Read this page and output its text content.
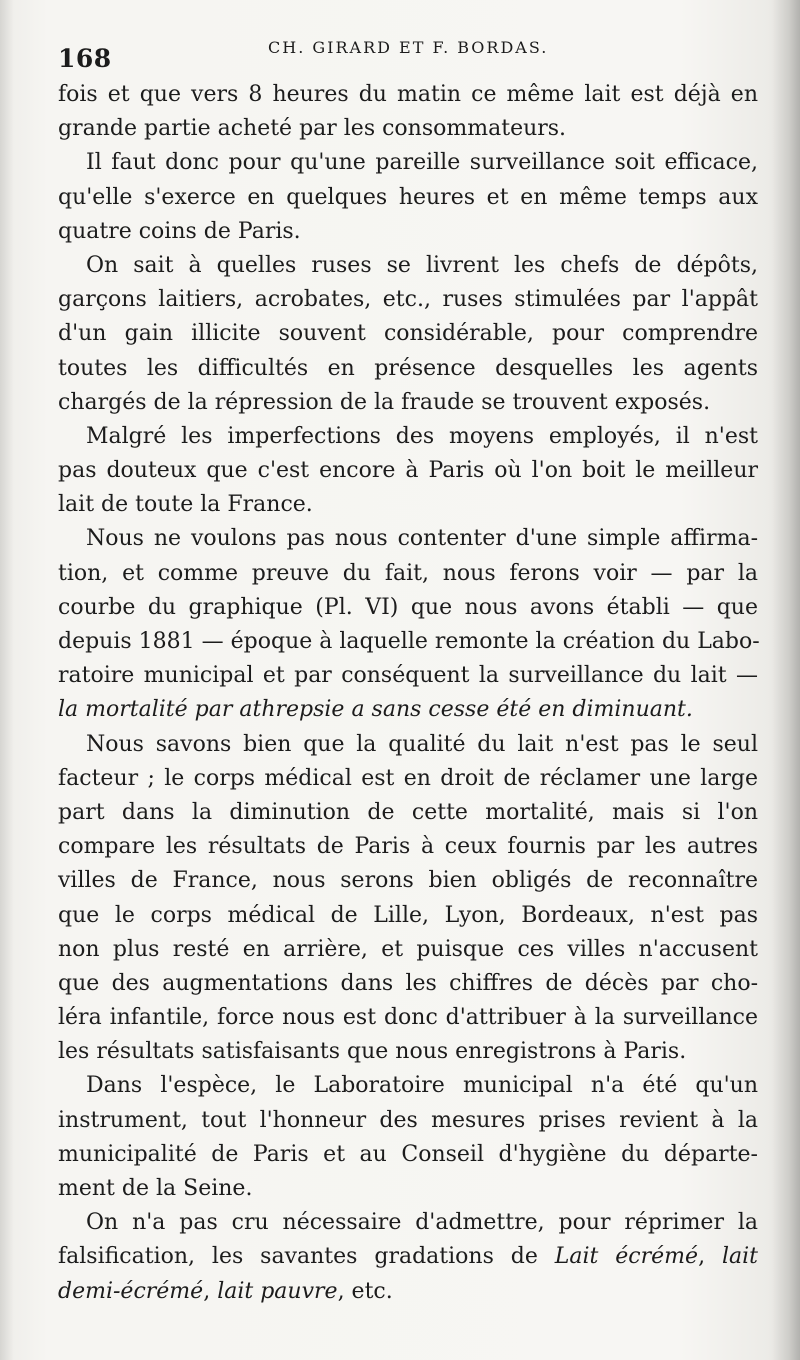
168	CH. GIRARD ET F. BORDAS.
fois et que vers 8 heures du matin ce même lait est déjà en
grande partie acheté par les consommateurs.
Il faut donc pour qu'une pareille surveillance soit efficace,
qu'elle s'exerce en quelques heures et en même temps aux
quatre coins de Paris.
On sait à quelles ruses se livrent les chefs de dépôts,
garçons laitiers, acrobates, etc., ruses stimulées par l'appât
d'un gain illicite souvent considérable, pour comprendre
toutes les difficultés en présence desquelles les agents
chargés de la répression de la fraude se trouvent exposés.
Malgré les imperfections des moyens employés, il n'est
pas douteux que c'est encore à Paris où l'on boit le meilleur
lait de toute la France.
Nous ne voulons pas nous contenter d'une simple affirma-
tion, et comme preuve du fait, nous ferons voir — par la
courbe du graphique (Pl. VI) que nous avons établi — que
depuis 1881 — époque à laquelle remonte la création du Labo-
ratoire municipal et par conséquent la surveillance du lait —
la mortalité par athrepsie a sans cesse été en diminuant.
Nous savons bien que la qualité du lait n'est pas le seul
facteur ; le corps médical est en droit de réclamer une large
part dans la diminution de cette mortalité, mais si l'on
compare les résultats de Paris à ceux fournis par les autres
villes de France, nous serons bien obligés de reconnaître
que le corps médical de Lille, Lyon, Bordeaux, n'est pas
non plus resté en arrière, et puisque ces villes n'accusent
que des augmentations dans les chiffres de décès par cho-
léra infantile, force nous est donc d'attribuer à la surveillance
les résultats satisfaisants que nous enregistrons à Paris.
Dans l'espèce, le Laboratoire municipal n'a été qu'un
instrument, tout l'honneur des mesures prises revient à la
municipalité de Paris et au Conseil d'hygiène du départe-
ment de la Seine.
On n'a pas cru nécessaire d'admettre, pour réprimer la
falsification, les savantes gradations de Lait écrémé, lait
demi-écrémé, lait pauvre, etc.
